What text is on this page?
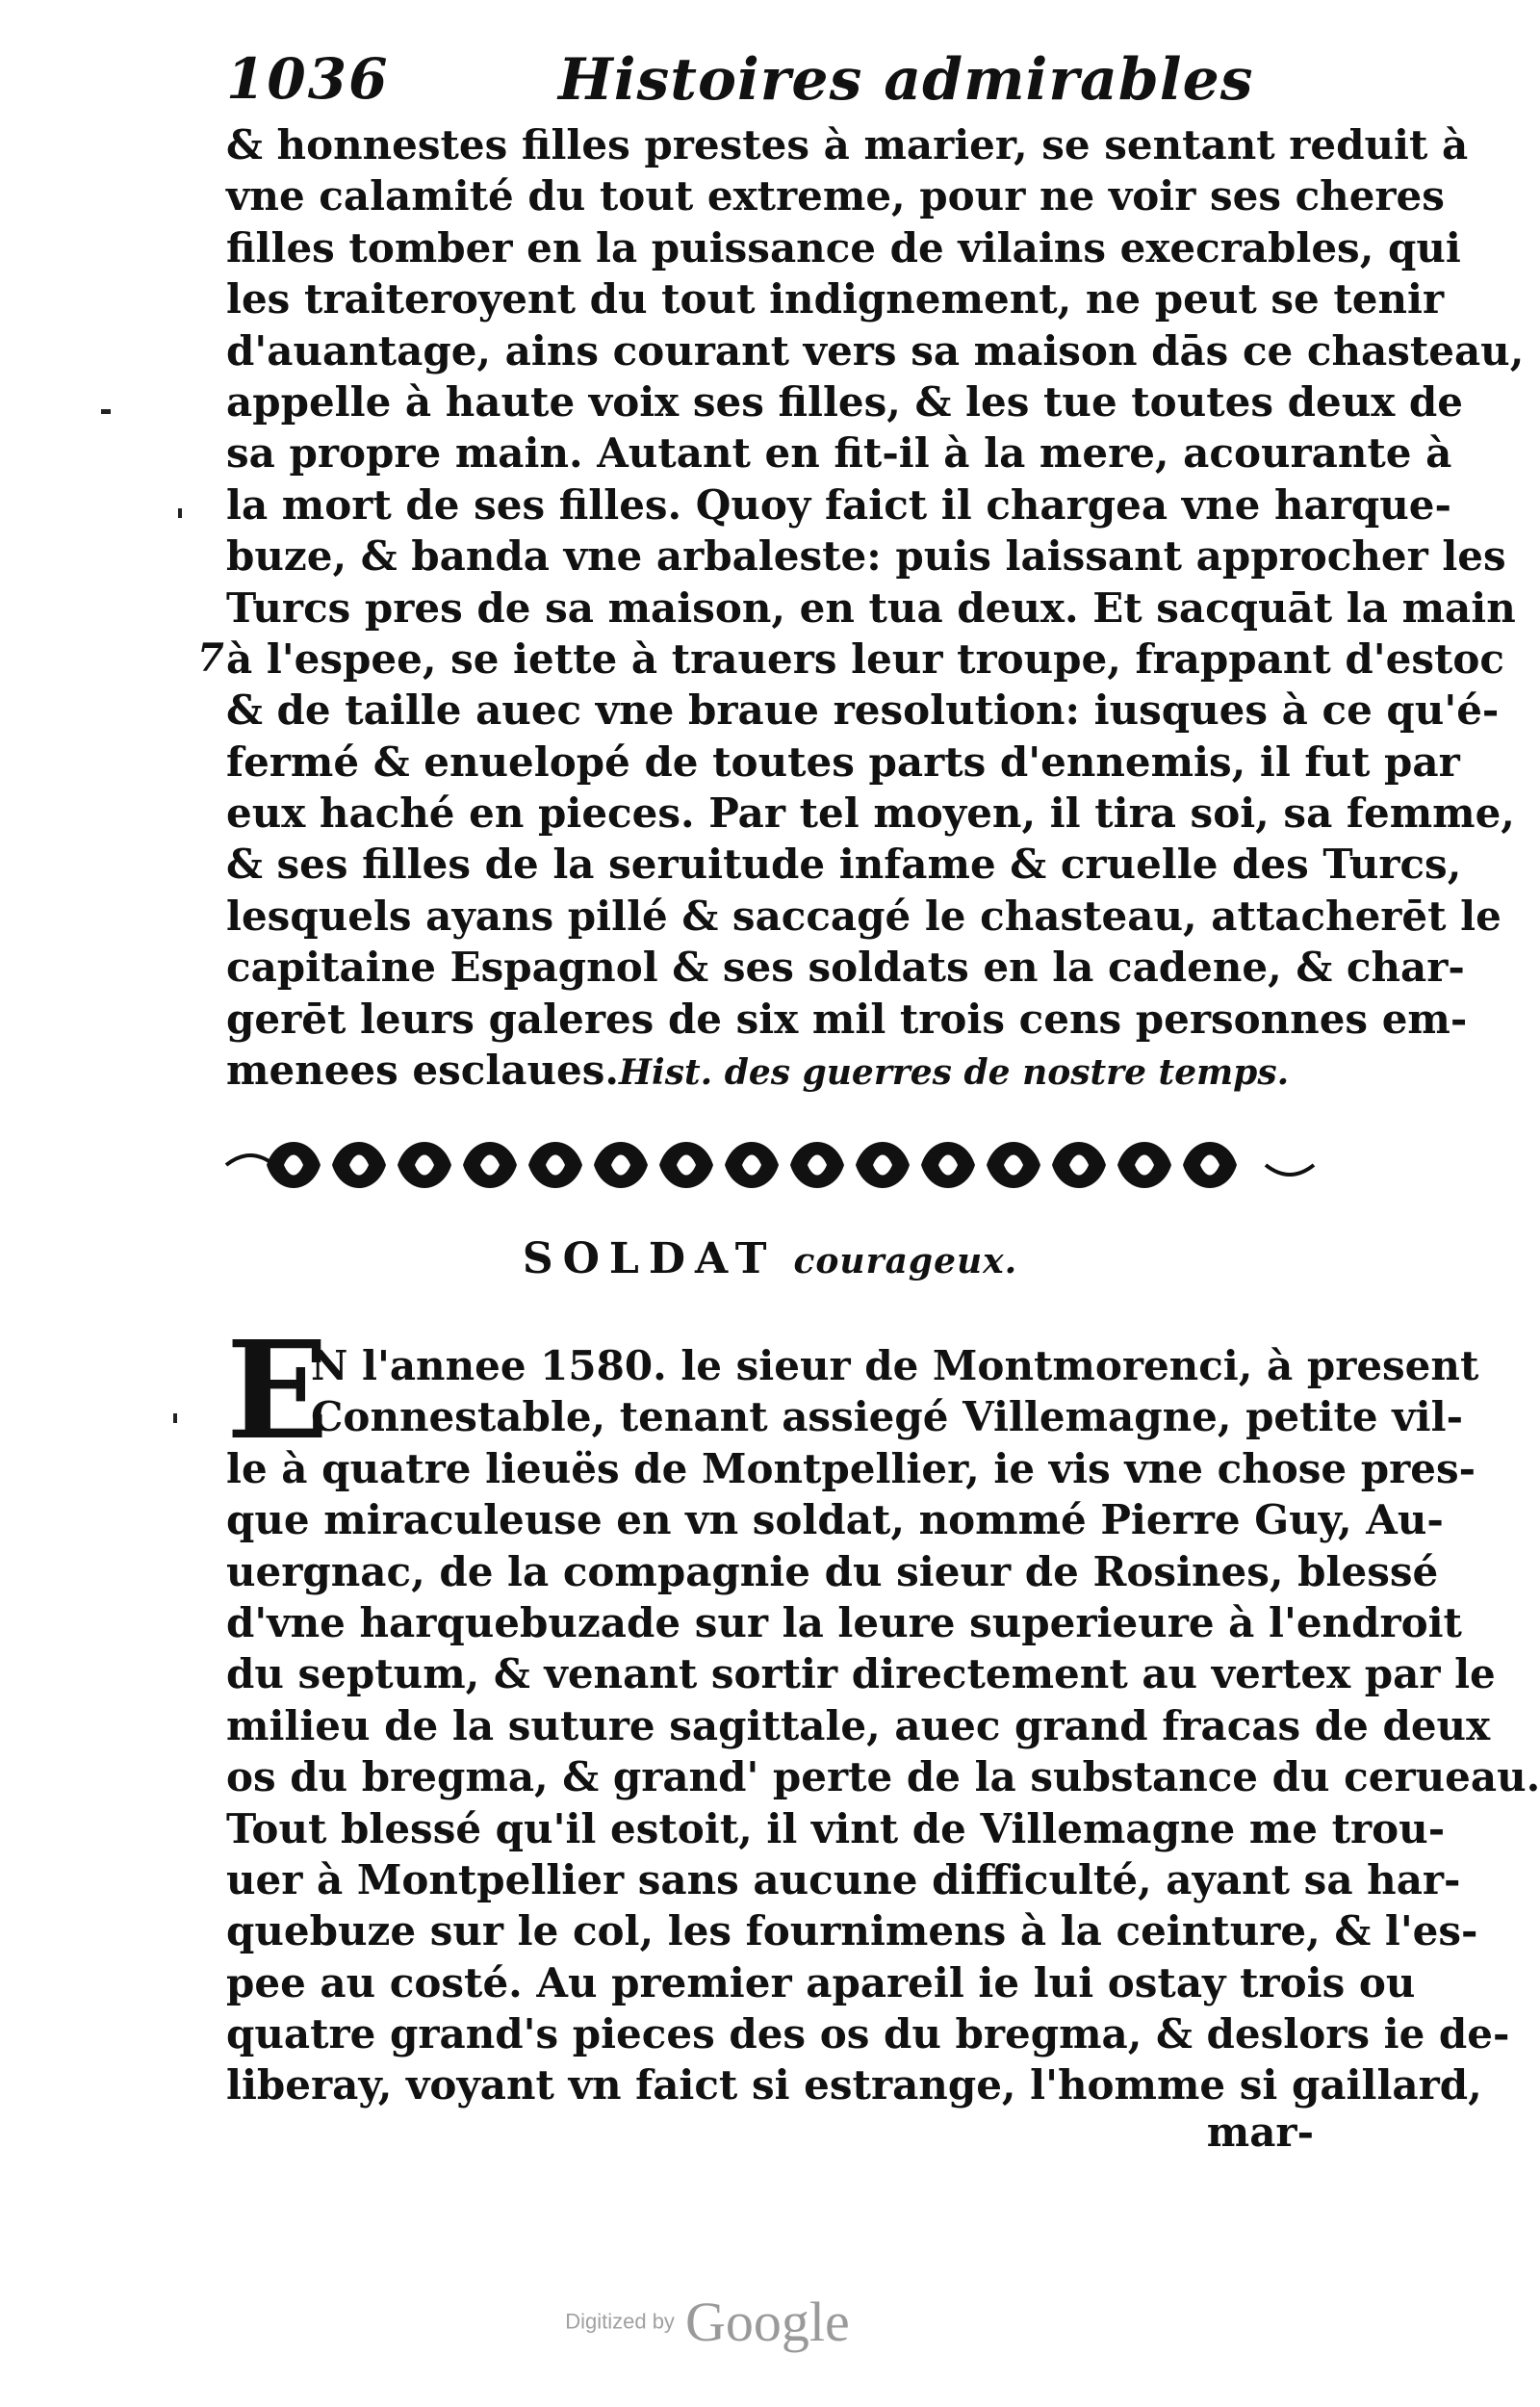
1036	Histoires admirables
7
& honnestes filles prestes à marier, se sentant reduit à
vne calamité du tout extreme, pour ne voir ses cheres
filles tomber en la puissance de vilains execrables, qui
les traiteroyent du tout indignement, ne peut se tenir
d'auantage, ains courant vers sa maison dās ce chasteau,
appelle à haute voix ses filles, & les tue toutes deux de
sa propre main. Autant en fit-il à la mere, acourante à
la mort de ses filles. Quoy faict il chargea vne harque-
buze, & banda vne arbaleste: puis laissant approcher les
Turcs pres de sa maison, en tua deux. Et sacquāt la main
à l'espee, se iette à trauers leur troupe, frappant d'estoc
& de taille auec vne braue resolution: iusques à ce qu'é-
fermé & enuelopé de toutes parts d'ennemis, il fut par
eux haché en pieces. Par tel moyen, il tira soi, sa femme,
& ses filles de la seruitude infame & cruelle des Turcs,
lesquels ayans pillé & saccagé le chasteau, attacherēt le
capitaine Espagnol & ses soldats en la cadene, & char-
gerēt leurs galeres de six mil trois cens personnes em-
menees esclaues.Hist. des guerres de nostre temps.
SOLDAT courageux.
E
N l'annee 1580. le sieur de Montmorenci, à present
Connestable, tenant assiegé Villemagne, petite vil-
le à quatre lieuës de Montpellier, ie vis vne chose pres-
que miraculeuse en vn soldat, nommé Pierre Guy, Au-
uergnac, de la compagnie du sieur de Rosines, blessé
d'vne harquebuzade sur la leure superieure à l'endroit
du septum, & venant sortir directement au vertex par le
milieu de la suture sagittale, auec grand fracas de deux
os du bregma, & grand' perte de la substance du cerueau.
Tout blessé qu'il estoit, il vint de Villemagne me trou-
uer à Montpellier sans aucune difficulté, ayant sa har-
quebuze sur le col, les fournimens à la ceinture, & l'es-
pee au costé. Au premier apareil ie lui ostay trois ou
quatre grand's pieces des os du bregma, & deslors ie de-
liberay, voyant vn faict si estrange, l'homme si gaillard,
mar-
Digitized by Google
